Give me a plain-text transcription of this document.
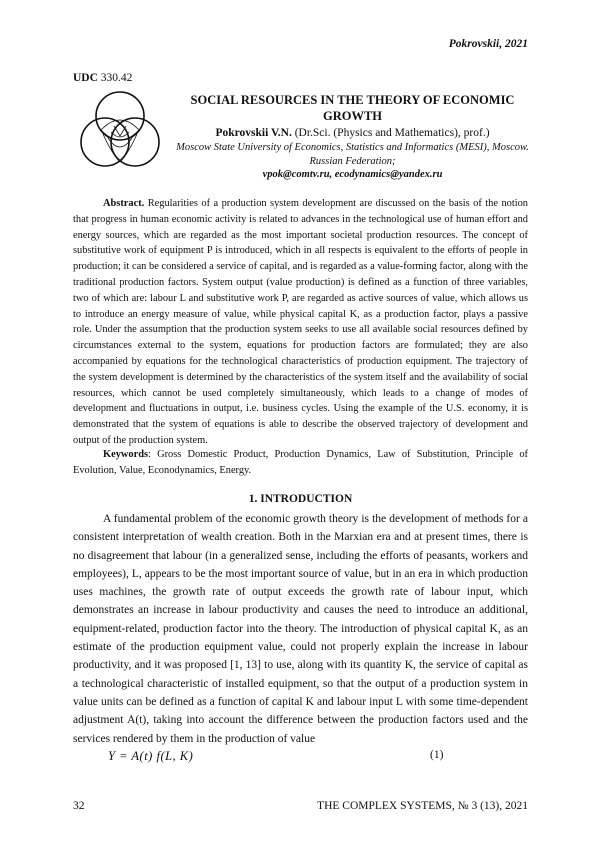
Pokrovskii, 2021
UDC 330.42
SOCIAL RESOURCES IN THE THEORY OF ECONOMIC GROWTH
Pokrovskii V.N. (Dr.Sci. (Physics and Mathematics), prof.)
Moscow State University of Economics, Statistics and Informatics (MESI), Moscow. Russian Federation;
vpok@comtv.ru, ecodynamics@yandex.ru

Abstract. Regularities of a production system development are discussed on the basis of the notion that progress in human economic activity is related to advances in the technological use of human effort and energy sources, which are regarded as the most important societal production resources. The concept of substitutive work of equipment P is introduced, which in all respects is equivalent to the efforts of people in production; it can be considered a service of capital, and is regarded as a value-forming factor, along with the traditional production factors. System output (value production) is defined as a function of three variables, two of which are: labour L and substitutive work P, are regarded as active sources of value, which allows us to introduce an energy measure of value, while physical capital K, as a production factor, plays a passive role. Under the assumption that the production system seeks to use all available social resources defined by circumstances external to the system, equations for production factors are formulated; they are also accompanied by equations for the technological characteristics of production equipment. The trajectory of the system development is determined by the characteristics of the system itself and the availability of social resources, which cannot be used completely simultaneously, which leads to a change of modes of development and fluctuations in output, i.e. business cycles. Using the example of the U.S. economy, it is demonstrated that the system of equations is able to describe the observed trajectory of development and output of the production system.

Keywords: Gross Domestic Product, Production Dynamics, Law of Substitution, Principle of Evolution, Value, Econodynamics, Energy.

1. INTRODUCTION

A fundamental problem of the economic growth theory is the development of methods for a consistent interpretation of wealth creation. Both in the Marxian era and at present times, there is no disagreement that labour (in a generalized sense, including the efforts of peasants, workers and employees), L, appears to be the most important source of value, but in an era in which production uses machines, the growth rate of output exceeds the growth rate of labour input, which demonstrates an increase in labour productivity and causes the need to introduce an additional, equipment-related, production factor into the theory. The introduction of physical capital K, as an estimate of the production equipment value, could not properly explain the increase in labour productivity, and it was proposed [1, 13] to use, along with its quantity K, the service of capital as a technological characteristic of installed equipment, so that the output of a production system in value units can be defined as a function of capital K and labour input L with some time-dependent adjustment A(t), taking into account the difference between the production factors used and the services rendered by them in the production of value

Y = A(t) f(L, K)	(1)
32	THE COMPLEX SYSTEMS, № 3 (13), 2021
